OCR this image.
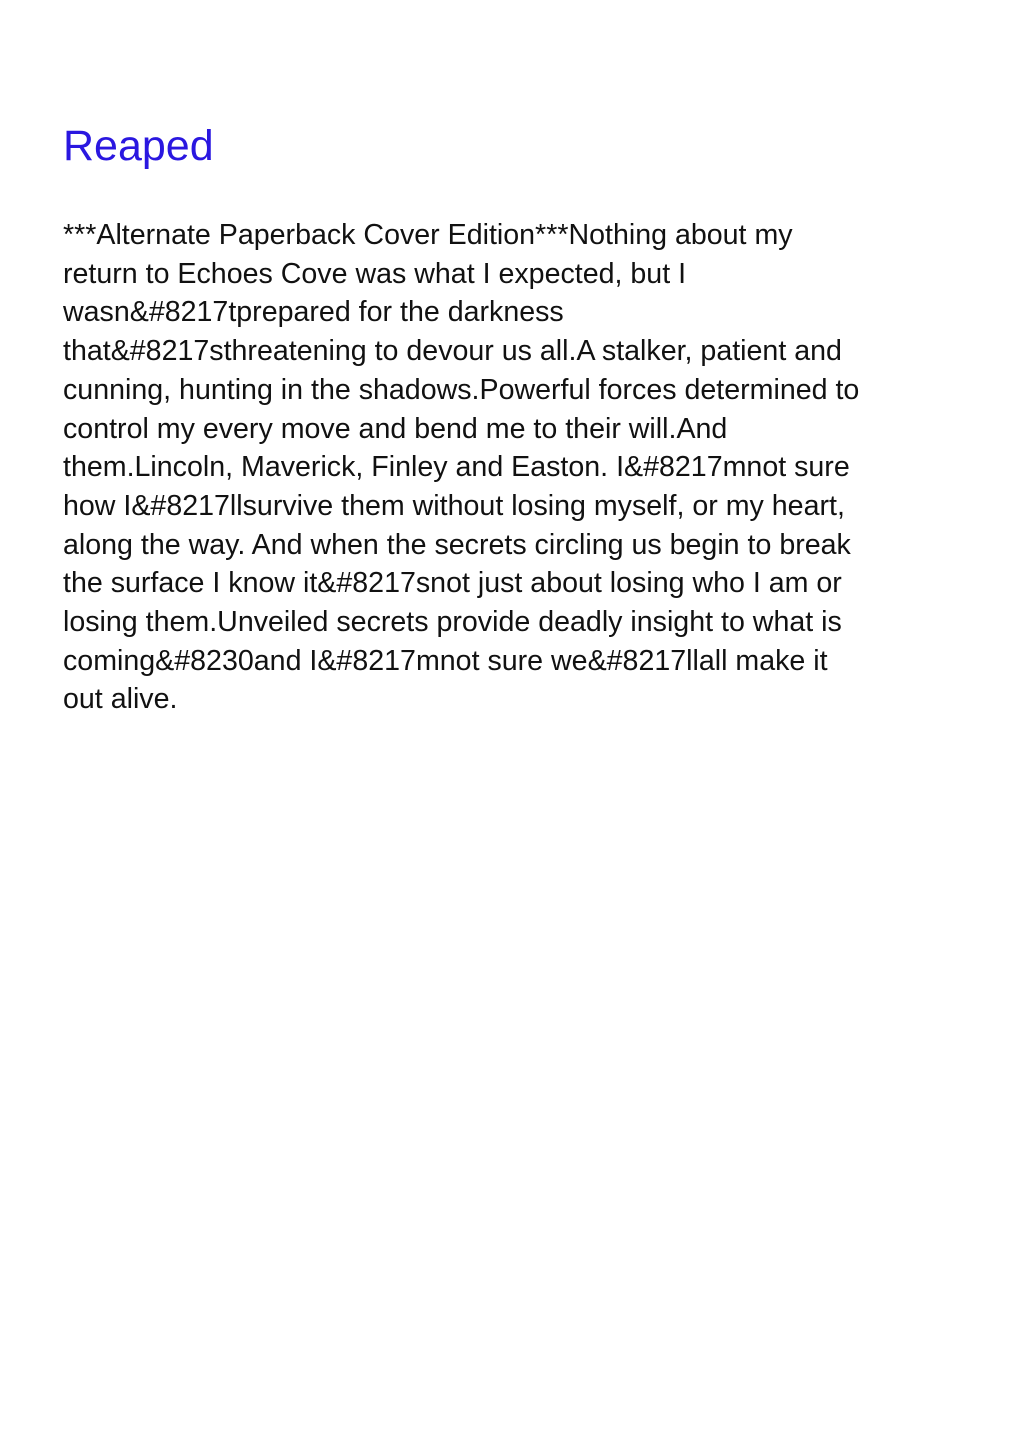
Reaped
***Alternate Paperback Cover Edition***Nothing about my
return to Echoes Cove was what I expected, but I
wasn&#8217tprepared for the darkness
that&#8217sthreatening to devour us all.A stalker, patient and
cunning, hunting in the shadows.Powerful forces determined to
control my every move and bend me to their will.And
them.Lincoln, Maverick, Finley and Easton. I&#8217mnot sure
how I&#8217llsurvive them without losing myself, or my heart,
along the way. And when the secrets circling us begin to break
the surface I know it&#8217snot just about losing who I am or
losing them.Unveiled secrets provide deadly insight to what is
coming&#8230and I&#8217mnot sure we&#8217llall make it
out alive.
